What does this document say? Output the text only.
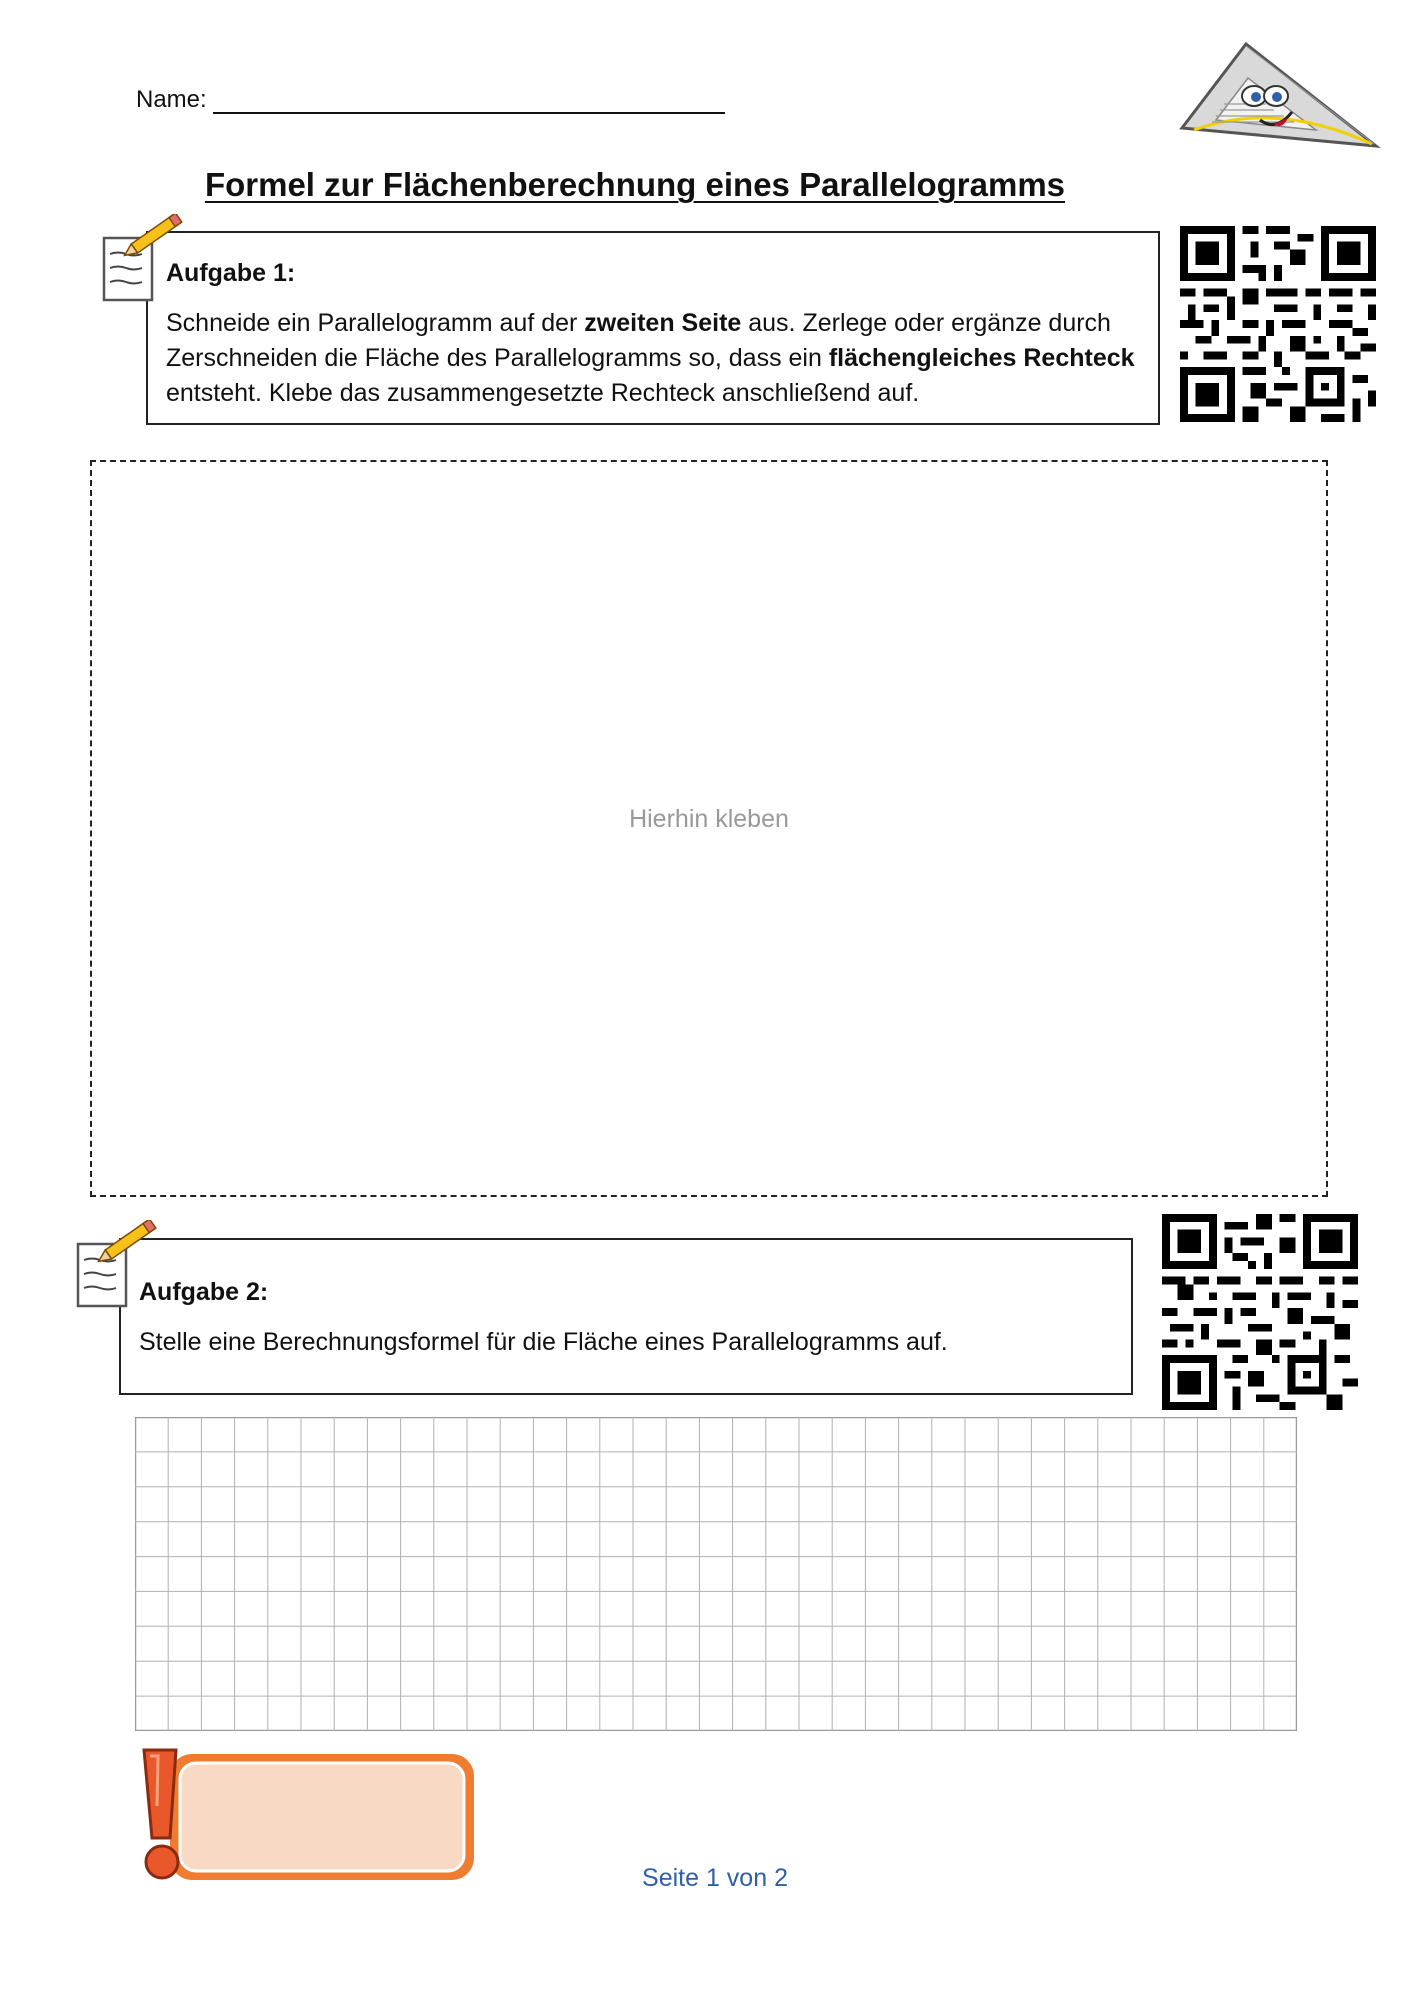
Name:
Formel zur Flächenberechnung eines Parallelogramms
Aufgabe 1:
Schneide ein Parallelogramm auf der zweiten Seite aus. Zerlege oder ergänze durch Zerschneiden die Fläche des Parallelogramms so, dass ein flächengleiches Rechteck entsteht. Klebe das zusammengesetzte Rechteck anschließend auf.
Hierhin kleben
Aufgabe 2:
Stelle eine Berechnungsformel für die Fläche eines Parallelogramms auf.
Seite 1 von 2
